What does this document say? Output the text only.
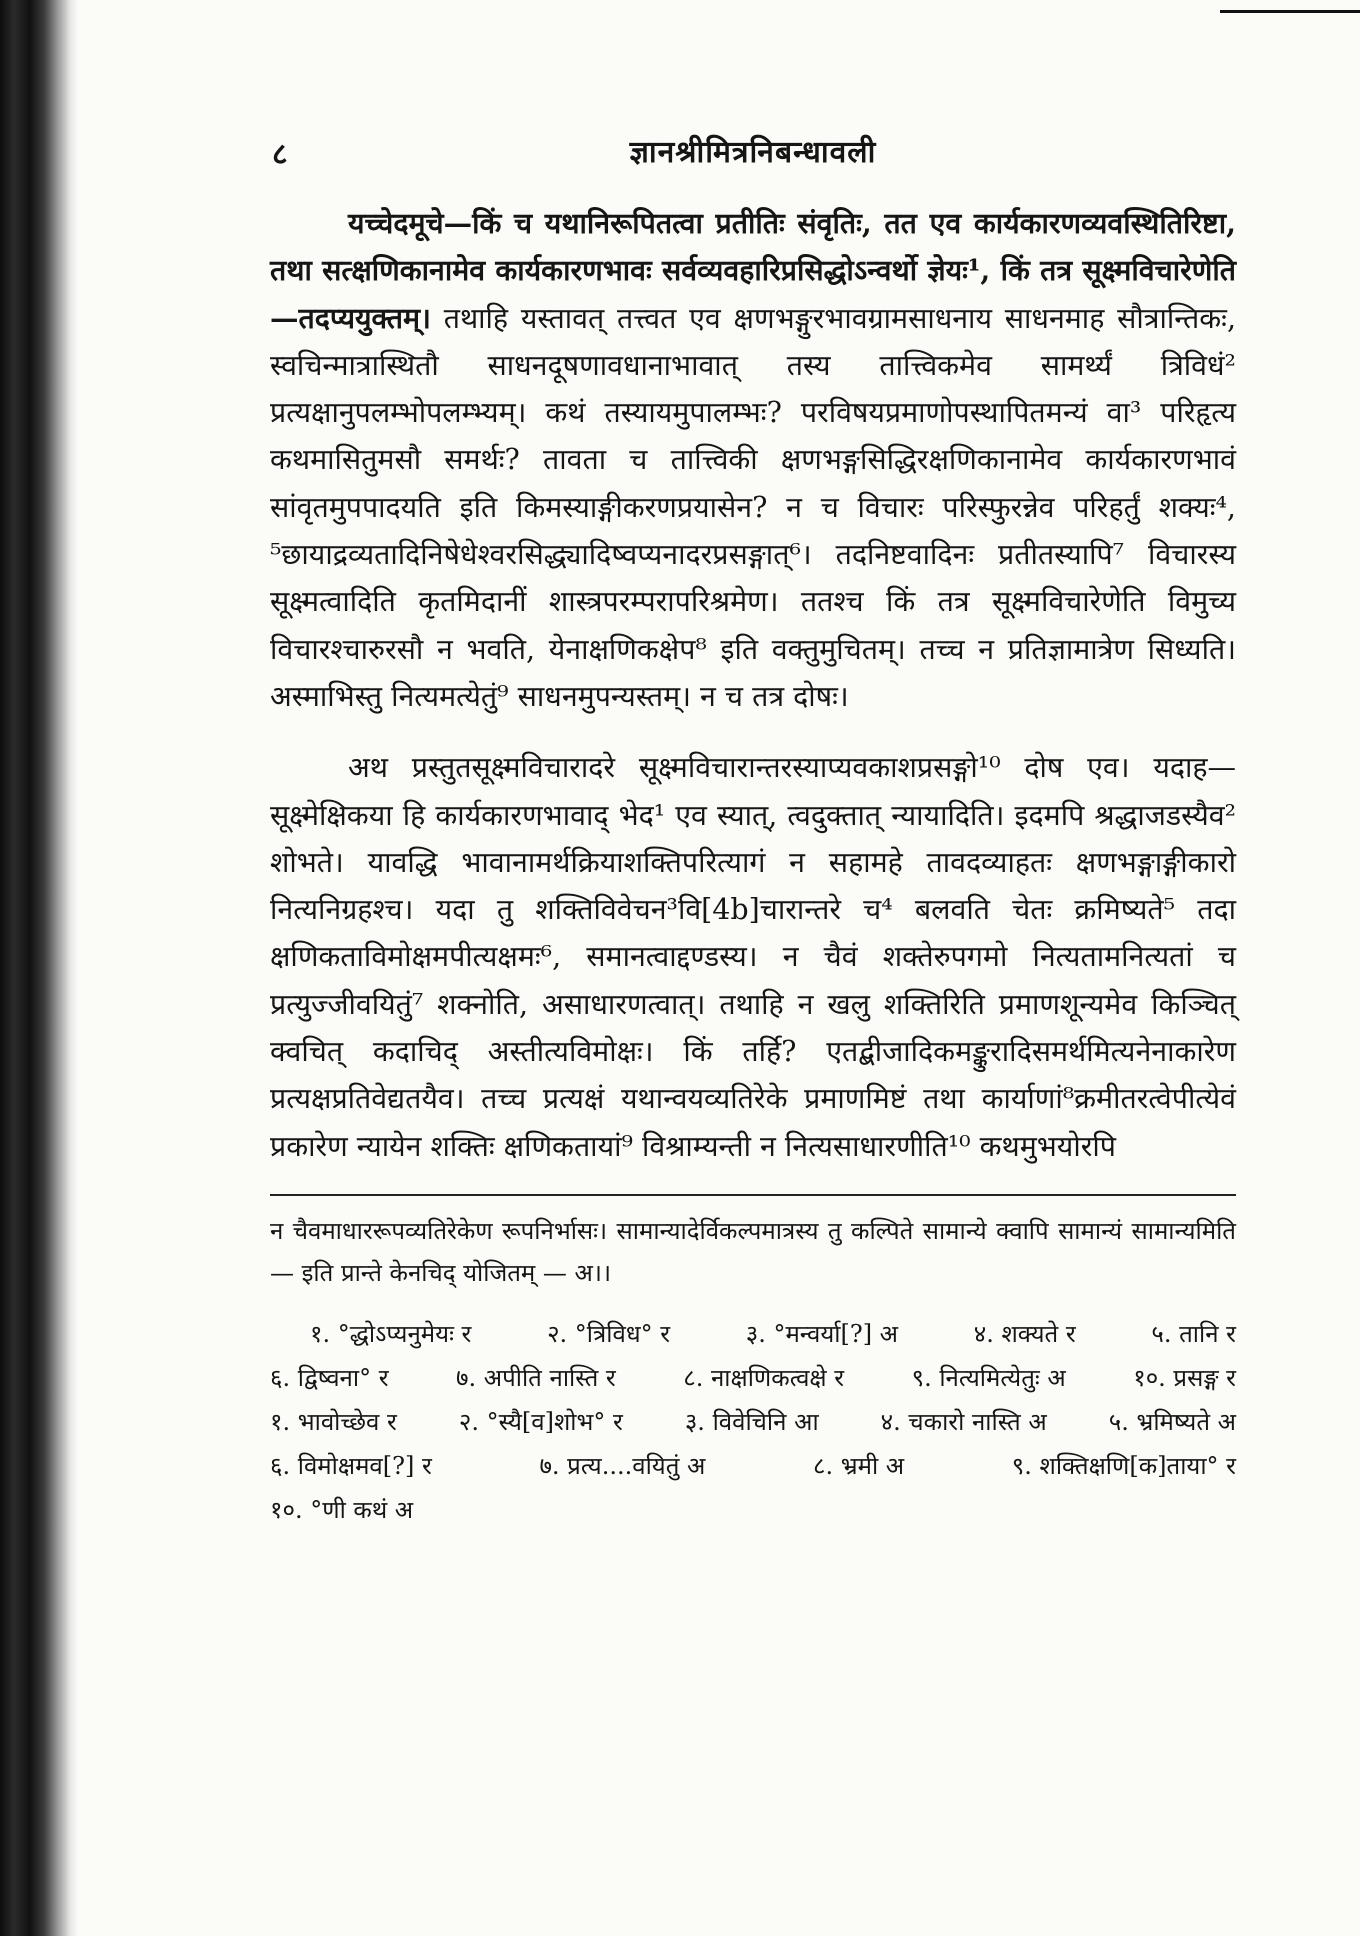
८	ज्ञानश्रीमित्रनिबन्धावली

यच्चेदमूचे—किं च यथानिरूपितत्वा प्रतीतिः संवृतिः, तत एव कार्यकारणव्यवस्थितिरिष्टा, तथा सत्क्षणिकानामेव कार्यकारणभावः सर्वव्यवहारिप्रसिद्धोऽन्वर्थो ज्ञेयः¹, किं तत्र सूक्ष्मविचारेणेति—तदप्ययुक्तम्। तथाहि यस्तावत् तत्त्वत एव क्षणभङ्गुरभावग्रामसाधनाय साधनमाह सौत्रान्तिकः, स्वचिन्मात्रास्थितौ साधनदूषणावधानाभावात् तस्य तात्त्विकमेव सामर्थ्यं त्रिविधं² प्रत्यक्षानुपलम्भोपलम्भ्यम्। कथं तस्यायमुपालम्भः? परविषयप्रमाणोपस्थापितमन्यं वा³ परिहृत्य कथमासितुमसौ समर्थः? तावता च तात्त्विकी क्षणभङ्गसिद्धिरक्षणिकानामेव कार्यकारणभावं सांवृतमुपपादयति इति किमस्याङ्गीकरणप्रयासेन? न च विचारः परिस्फुरन्नेव परिहर्तुं शक्यः⁴, ⁵छायाद्रव्यतादिनिषेधेश्वरसिद्ध्यादिष्वप्यनादरप्रसङ्गात्⁶। तदनिष्टवादिनः प्रतीतस्यापि⁷ विचारस्य सूक्ष्मत्वादिति कृतमिदानीं शास्त्रपरम्परापरिश्रमेण। ततश्च किं तत्र सूक्ष्मविचारेणेति विमुच्य विचारश्चारुरसौ न भवति, येनाक्षणिकक्षेप⁸ इति वक्तुमुचितम्। तच्च न प्रतिज्ञामात्रेण सिध्यति। अस्माभिस्तु नित्यमत्येतुं⁹ साधनमुपन्यस्तम्। न च तत्र दोषः।

अथ प्रस्तुतसूक्ष्मविचारादरे सूक्ष्मविचारान्तरस्याप्यवकाशप्रसङ्गो¹⁰ दोष एव। यदाह—सूक्ष्मेक्षिकया हि कार्यकारणभावाद् भेद¹ एव स्यात्, त्वदुक्तात् न्यायादिति। इदमपि श्रद्धाजडस्यैव² शोभते। यावद्धि भावानामर्थक्रियाशक्तिपरित्यागं न सहामहे तावदव्याहतः क्षणभङ्गाङ्गीकारो नित्यनिग्रहश्च। यदा तु शक्तिविवेचन³वि[4b]चारान्तरे च⁴ बलवति चेतः क्रमिष्यते⁵ तदा क्षणिकताविमोक्षमपीत्यक्षमः⁶, समानत्वाद्दण्डस्य। न चैवं शक्तेरुपगमो नित्यतामनित्यतां च प्रत्युज्जीवयितुं⁷ शक्नोति, असाधारणत्वात्। तथाहि न खलु शक्तिरिति प्रमाणशून्यमेव किञ्चित् क्वचित् कदाचिद् अस्तीत्यविमोक्षः। किं तर्हि? एतद्बीजादिकमङ्कुरादिसमर्थमित्यनेनाकारेण प्रत्यक्षप्रतिवेद्यतयैव। तच्च प्रत्यक्षं यथान्वयव्यतिरेके प्रमाणमिष्टं तथा कार्याणां⁸क्रमीतरत्वेपीत्येवं प्रकारेण न्यायेन शक्तिः क्षणिकतायां⁹ विश्राम्यन्ती न नित्यसाधारणीति¹⁰ कथमुभयोरपि

न चैवमाधाररूपव्यतिरेकेण रूपनिर्भासः। सामान्यादेर्विकल्पमात्रस्य तु कल्पिते सामान्ये क्वापि सामान्यं सामान्यमिति — इति प्रान्ते केनचिद् योजितम् — अ।।

१. °द्धोऽप्यनुमेयः र	२. °त्रिविध° र	३. °मन्वर्या[?] अ	४. शक्यते र	५. तानि र
६. द्विष्वना° र	७. अपीति नास्ति र	८. नाक्षणिकत्वक्षे र	९. नित्यमित्येतुः अ	१०. प्रसङ्ग र
१. भावोच्छेव र	२. °स्यै[व]शोभ° र	३. विवेचिनि आ	४. चकारो नास्ति अ	५. भ्रमिष्यते अ
६. विमोक्षमव[?] र	७. प्रत्य....वयितुं अ	८. भ्रमी अ	९. शक्तिक्षणि[क]ताया° र
१०. °णी कथं अ
